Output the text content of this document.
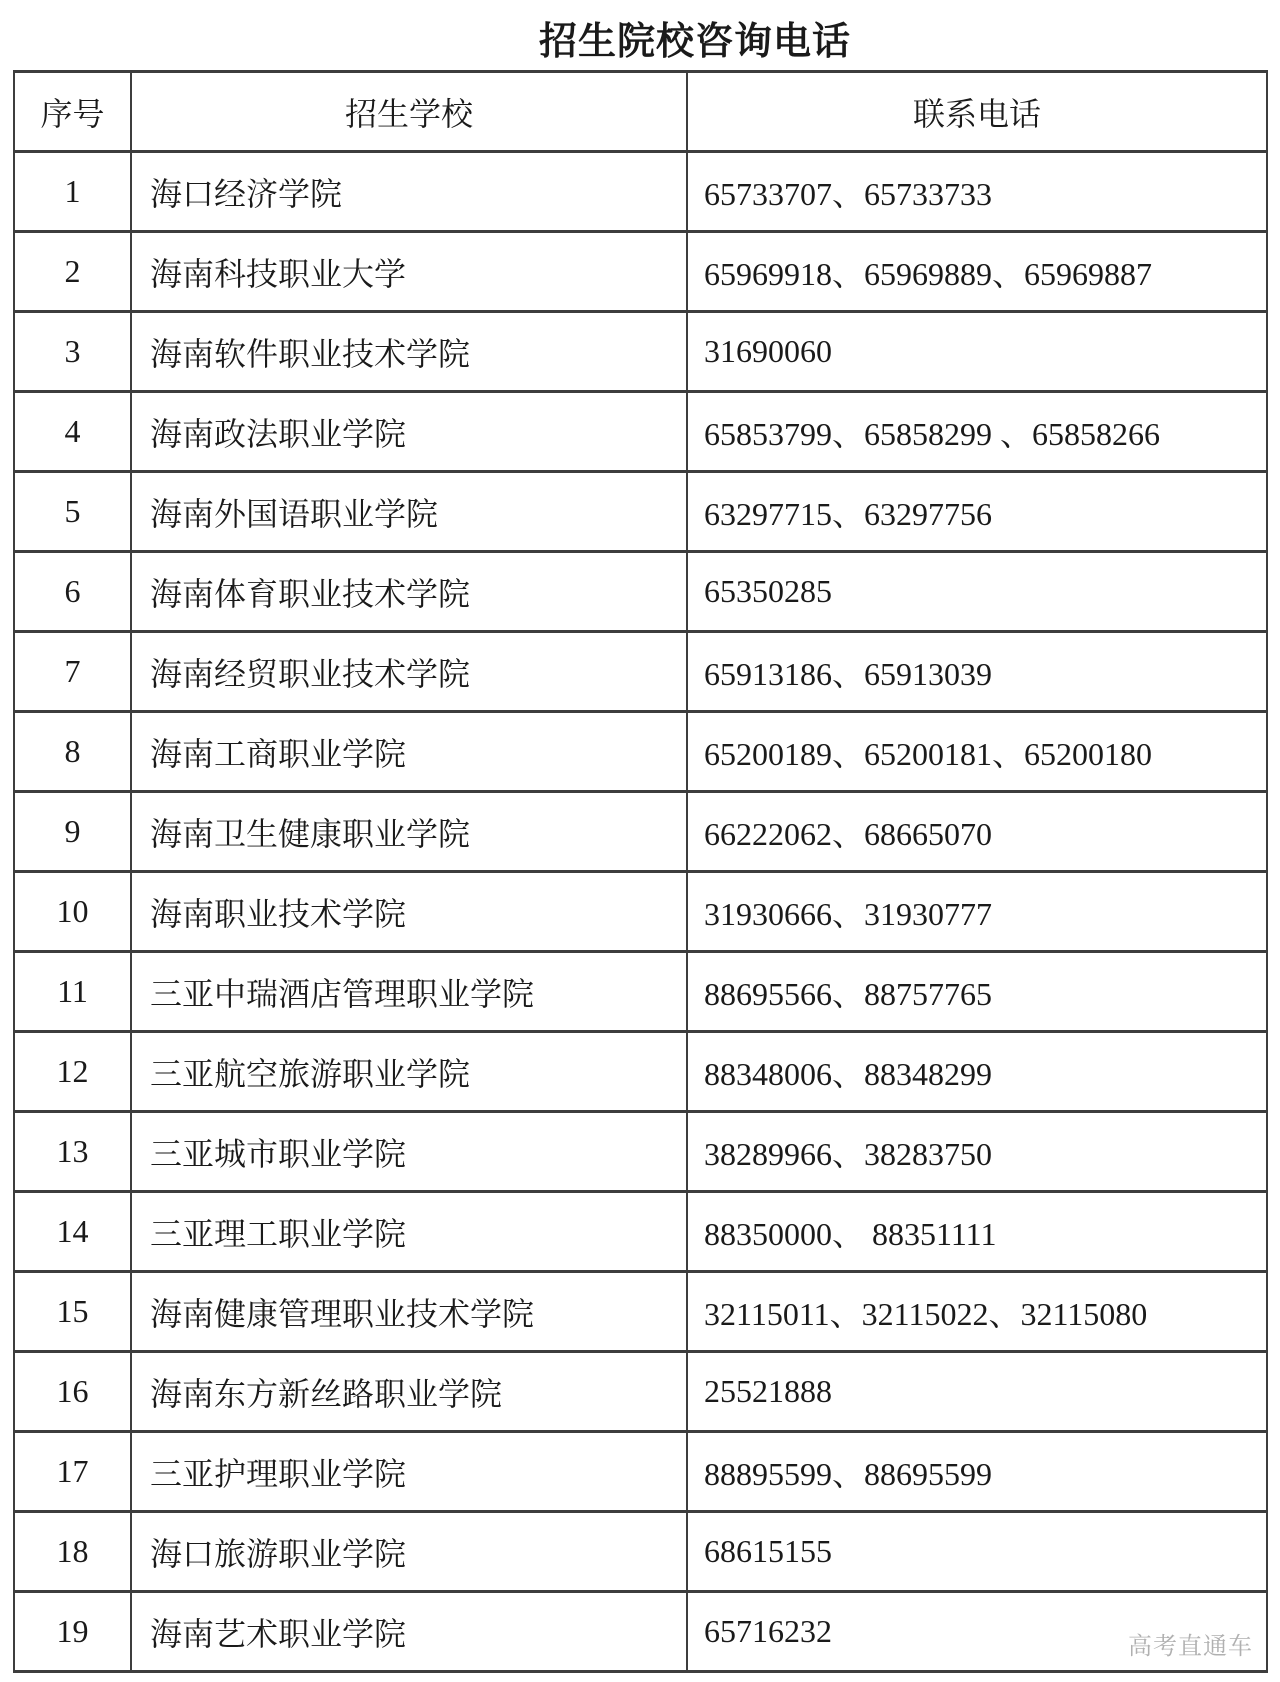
招生院校咨询电话
序号	招生学校	联系电话
1	海口经济学院	65733707、65733733
2	海南科技职业大学	65969918、65969889、65969887
3	海南软件职业技术学院	31690060
4	海南政法职业学院	65853799、65858299 、65858266
5	海南外国语职业学院	63297715、63297756
6	海南体育职业技术学院	65350285
7	海南经贸职业技术学院	65913186、65913039
8	海南工商职业学院	65200189、65200181、65200180
9	海南卫生健康职业学院	66222062、68665070
10	海南职业技术学院	31930666、31930777
11	三亚中瑞酒店管理职业学院	88695566、88757765
12	三亚航空旅游职业学院	88348006、88348299
13	三亚城市职业学院	38289966、38283750
14	三亚理工职业学院	88350000、 88351111
15	海南健康管理职业技术学院	32115011、32115022、32115080
16	海南东方新丝路职业学院	25521888
17	三亚护理职业学院	88895599、88695599
18	海口旅游职业学院	68615155
19	海南艺术职业学院	65716232	高考直通车
